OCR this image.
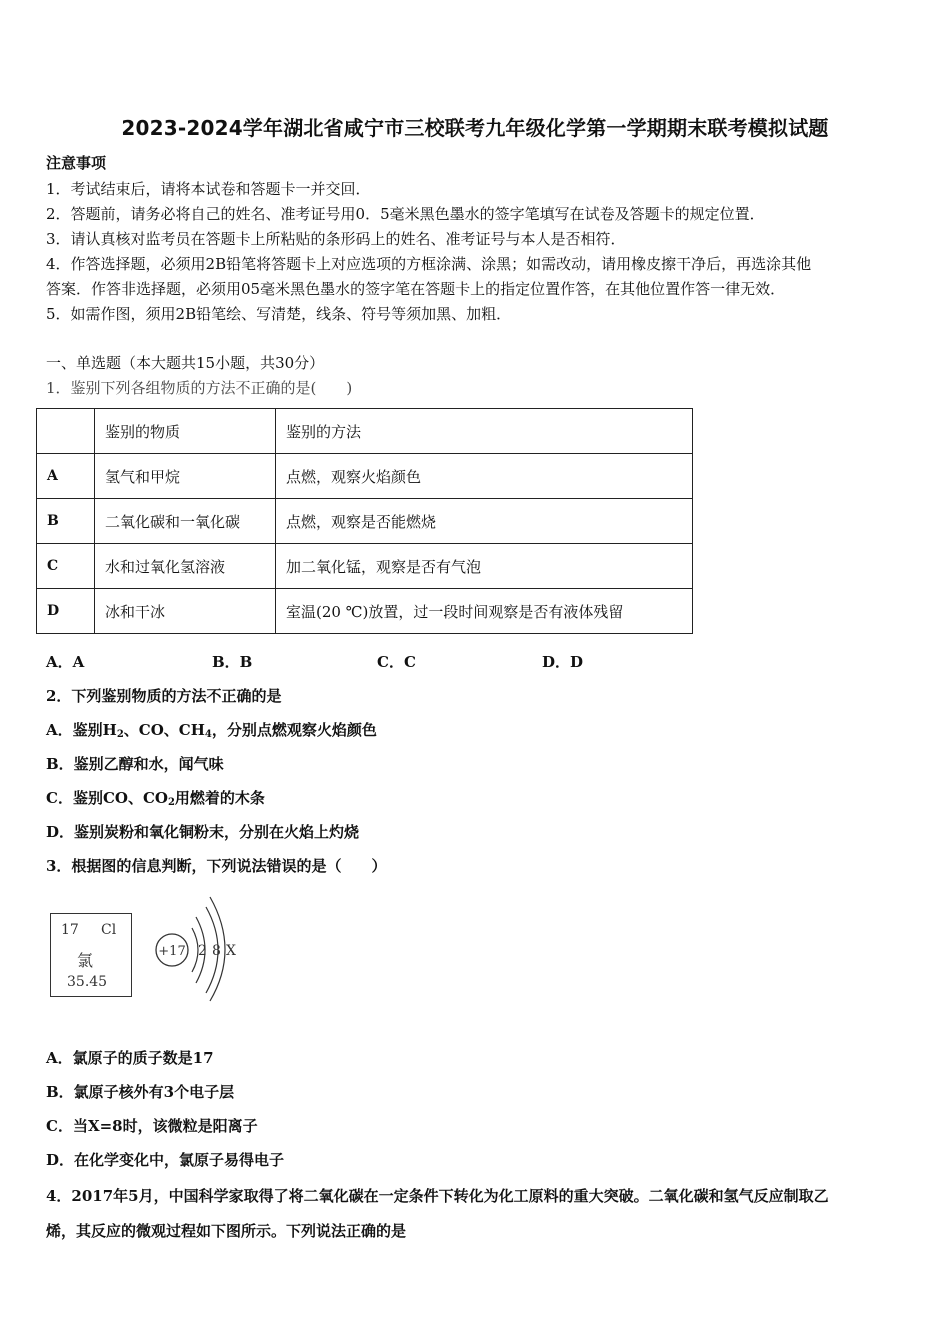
2023-2024学年湖北省咸宁市三校联考九年级化学第一学期期末联考模拟试题
注意事项
1．考试结束后，请将本试卷和答题卡一并交回．
2．答题前，请务必将自己的姓名、准考证号用0．5毫米黑色墨水的签字笔填写在试卷及答题卡的规定位置．
3．请认真核对监考员在答题卡上所粘贴的条形码上的姓名、准考证号与本人是否相符．
4．作答选择题，必须用2B铅笔将答题卡上对应选项的方框涂满、涂黑；如需改动，请用橡皮擦干净后，再选涂其他
答案．作答非选择题，必须用05毫米黑色墨水的签字笔在答题卡上的指定位置作答，在其他位置作答一律无效．
5．如需作图，须用2B铅笔绘、写清楚，线条、符号等须加黑、加粗．
一、单选题（本大题共15小题，共30分）
1．鉴别下列各组物质的方法不正确的是(　　)
	鉴别的物质	鉴别的方法
A	氢气和甲烷	点燃，观察火焰颜色
B	二氧化碳和一氧化碳	点燃，观察是否能燃烧
C	水和过氧化氢溶液	加二氧化锰，观察是否有气泡
D	冰和干冰	室温(20 ℃)放置，过一段时间观察是否有液体残留
A．A	B．B	C．C	D．D
2．下列鉴别物质的方法不正确的是
A．鉴别$H_2$、CO、$CH_4$，分别点燃观察火焰颜色
B．鉴别乙醇和水，闻气味
C．鉴别CO、$CO_2$用燃着的木条
D．鉴别炭粉和氧化铜粉末，分别在火焰上灼烧
3．根据图的信息判断，下列说法错误的是（　　）
17 Cl
氯
35.45
+17 2 8 X
A．氯原子的质子数是17
B．氯原子核外有3个电子层
C．当X=8时，该微粒是阳离子
D．在化学变化中，氯原子易得电子
4．2017年5月，中国科学家取得了将二氧化碳在一定条件下转化为化工原料的重大突破。二氧化碳和氢气反应制取乙
烯，其反应的微观过程如下图所示。下列说法正确的是
